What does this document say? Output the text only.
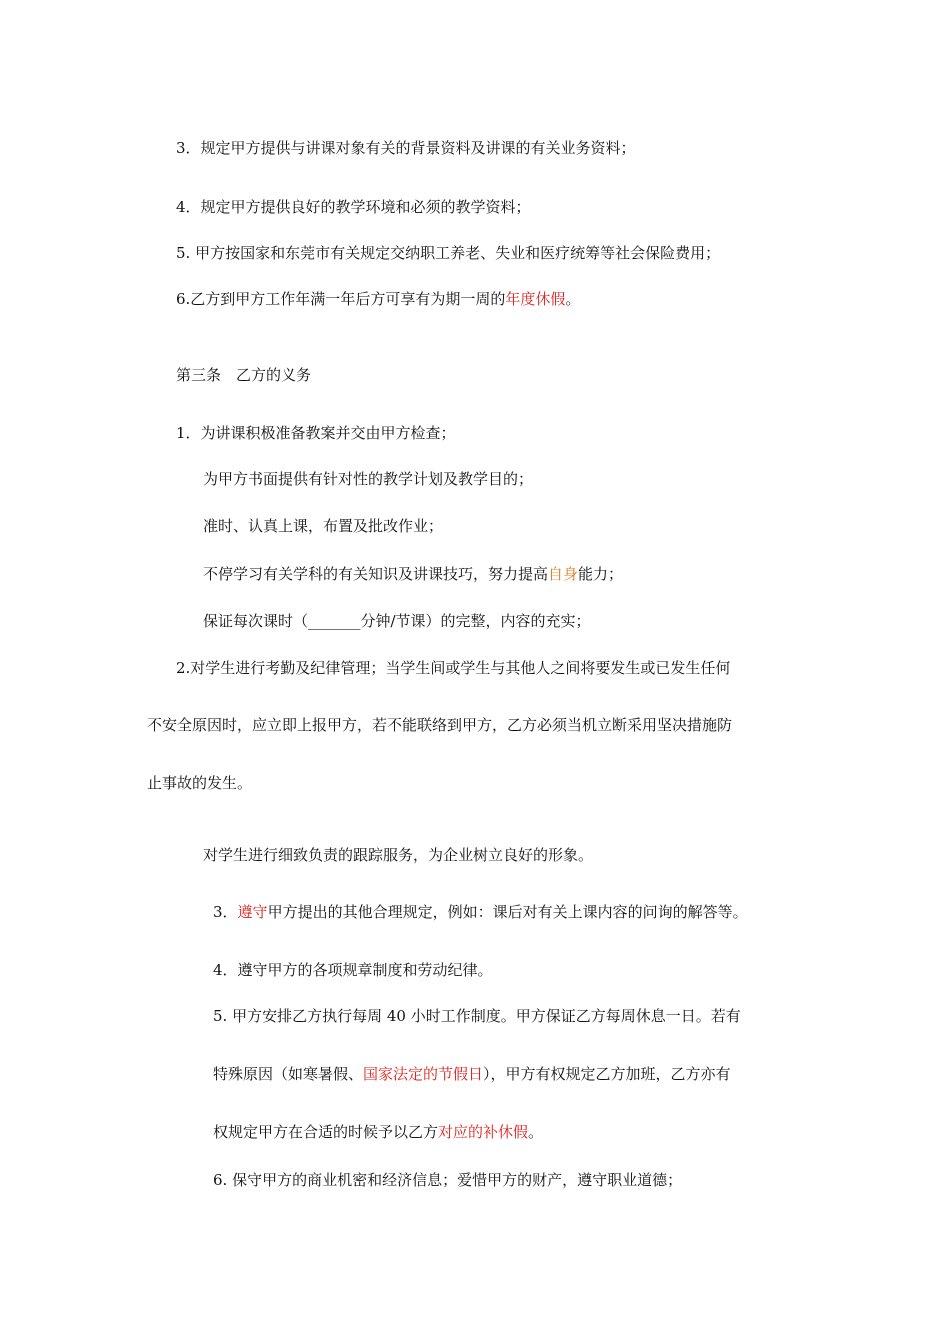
3．规定甲方提供与讲课对象有关的背景资料及讲课的有关业务资料；
4．规定甲方提供良好的教学环境和必须的教学资料；
5. 甲方按国家和东莞市有关规定交纳职工养老、失业和医疗统筹等社会保险费用；
6.乙方到甲方工作年满一年后方可享有为期一周的年度休假。
第三条　乙方的义务
1．为讲课积极准备教案并交由甲方检查；
为甲方书面提供有针对性的教学计划及教学目的；
准时、认真上课，布置及批改作业；
不停学习有关学科的有关知识及讲课技巧，努力提高自身能力；
保证每次课时（_______分钟/节课）的完整，内容的充实；
2.对学生进行考勤及纪律管理；当学生间或学生与其他人之间将要发生或已发生任何
不安全原因时，应立即上报甲方，若不能联络到甲方，乙方必须当机立断采用坚决措施防
止事故的发生。
对学生进行细致负责的跟踪服务，为企业树立良好的形象。
3．遵守甲方提出的其他合理规定，例如：课后对有关上课内容的问询的解答等。
4．遵守甲方的各项规章制度和劳动纪律。
5. 甲方安排乙方执行每周 40 小时工作制度。甲方保证乙方每周休息一日。若有
特殊原因（如寒暑假、国家法定的节假日），甲方有权规定乙方加班，乙方亦有
权规定甲方在合适的时候予以乙方对应的补休假。
6. 保守甲方的商业机密和经济信息；爱惜甲方的财产，遵守职业道德；
